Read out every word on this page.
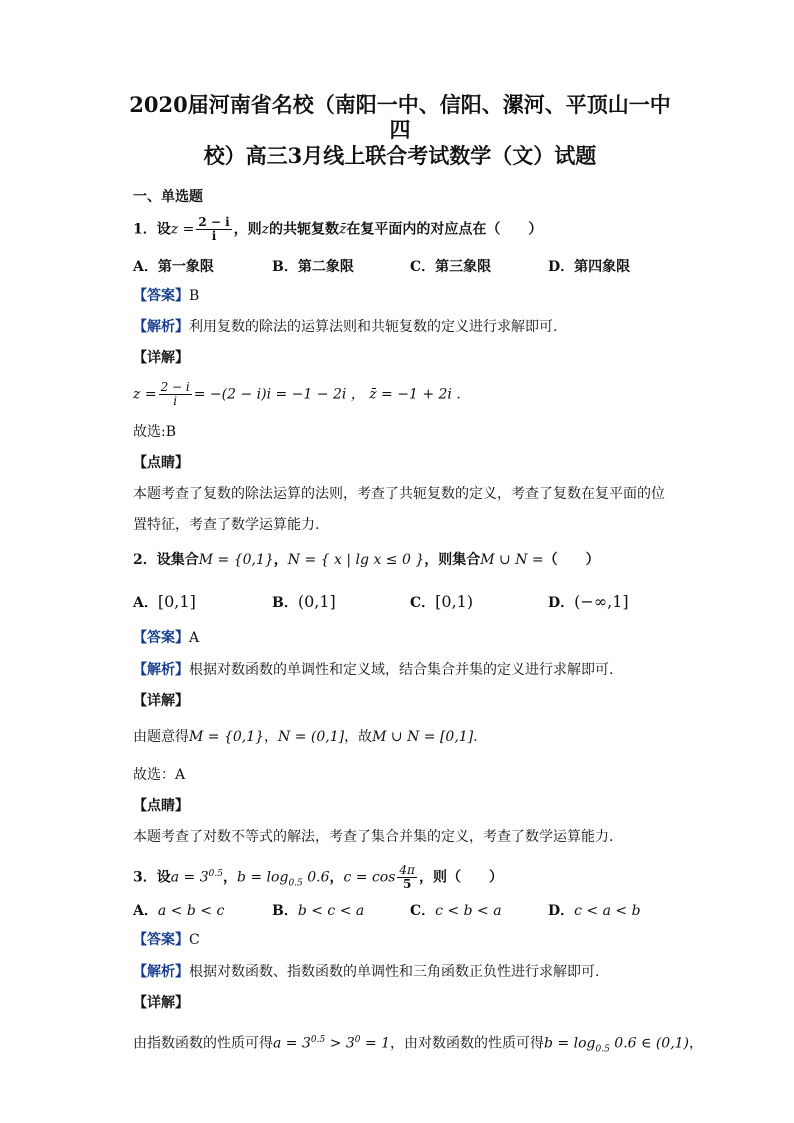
2020届河南省名校（南阳一中、信阳、漯河、平顶山一中四
校）高三3月线上联合考试数学（文）试题
一、单选题
1．设$z = \frac{2 - i}{i}$ ，则z的共轭复数z̄在复平面内的对应点在（　　）
A．第一象限	B．第二象限	C．第三象限	D．第四象限
【答案】B
【解析】利用复数的除法的运算法则和共轭复数的定义进行求解即可.
【详解】
$z = \frac{2 - i}{i} = -(2 - i)i = -1 - 2i$ ， z̄ = −1 + 2i .
故选:B
【点睛】
本题考查了复数的除法运算的法则，考查了共轭复数的定义，考查了复数在复平面的位
置特征，考查了数学运算能力.
2．设集合M = {0,1}，N = { x | lg x ≤ 0 }，则集合M ∪ N =（　　）
A．[0,1]	B．(0,1]	C．[0,1)	D．(−∞,1]
【答案】A
【解析】根据对数函数的单调性和定义域，结合集合并集的定义进行求解即可.
【详解】
由题意得M = {0,1}，N = (0,1]，故M ∪ N = [0,1].
故选：A
【点睛】
本题考查了对数不等式的解法，考查了集合并集的定义，考查了数学运算能力.
3．设$a = 3^{0.5}$，$b = \log_{0.5} 0.6$，$c = \cos \frac{4\pi}{5}$ ，则（　　）
A．a < b < c	B．b < c < a	C．c < b < a	D．c < a < b
【答案】C
【解析】根据对数函数、指数函数的单调性和三角函数正负性进行求解即可.
【详解】
由指数函数的性质可得$a = 3^{0.5} > 3^0 = 1$，由对数函数的性质可得$b = \log_{0.5} 0.6$ ∈ (0,1)，
